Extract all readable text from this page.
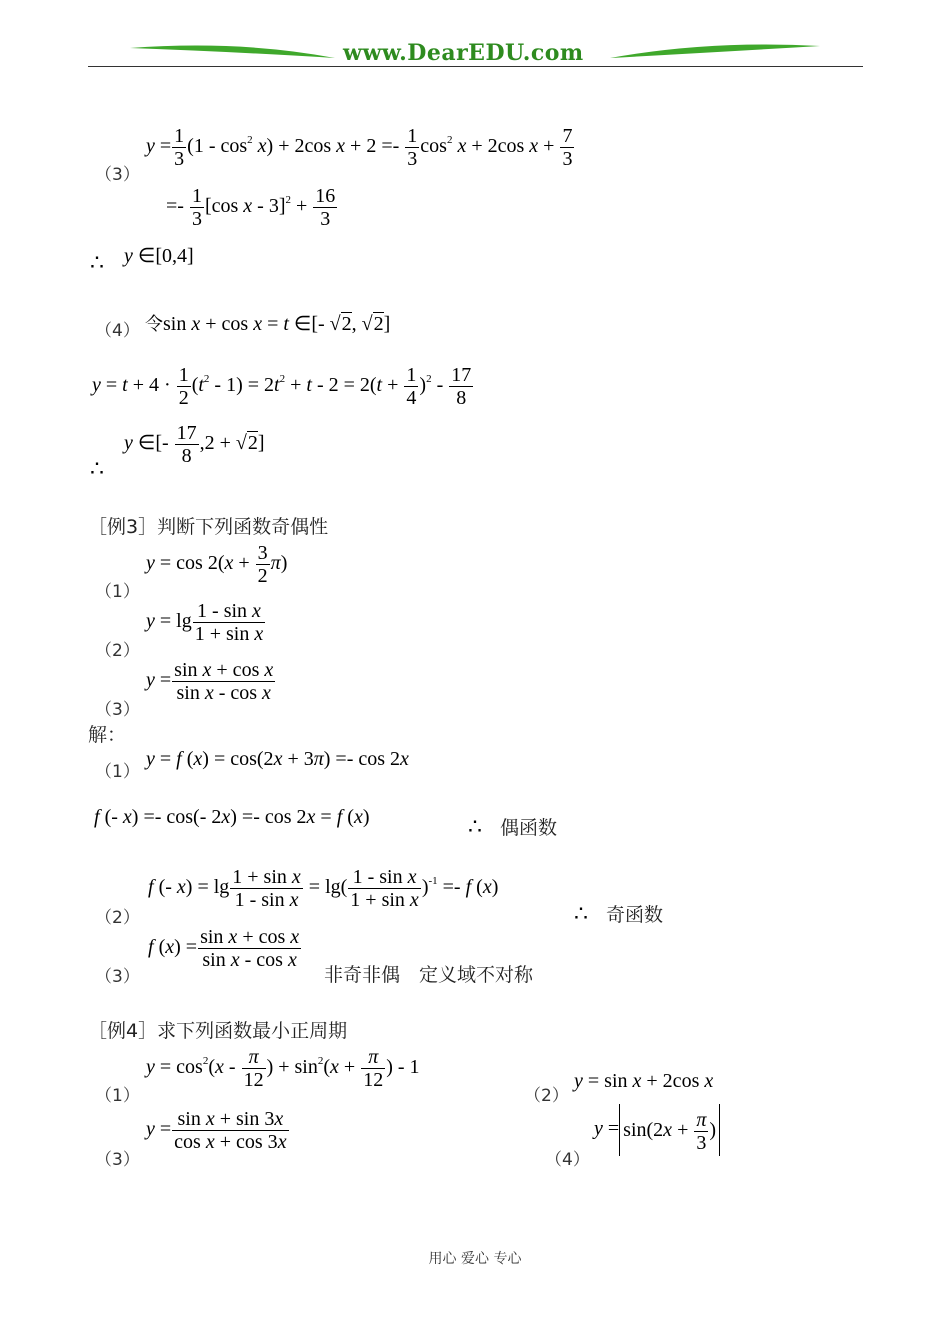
www.DearEDU.com
（3）
$y = \frac{1}{3} (1 - \cos^2 x) + 2\cos$ $x + 2 =- \frac{1}{3} \cos^2 x + 2\cos$ $x + \frac{7}{3}$
=- $\frac{1}{3} [\cos$ $x - 3]^2 + \frac{16}{3}$
∴ y ∈[0,4]
（4） 令sin x + cos x = t ∈[- √2, √2]
$y = t + 4 \cdot \frac{1}{2} (t^2 - 1) = 2t^2 + t - 2 = 2(t + \frac{1}{4} )^2 - \frac{17}{8}$
∴
y ∈[- $\frac{17}{8} ,2 + √2$]
［例3］判断下列函数奇偶性
（1）
$y = \cos 2(x + \frac{3}{2} \pi)$
（2）
$y = \lg \frac{\text{1 - sin x}}{\text{1 + sin x}}$
（3）
$y = \frac{\text{sin x + cos x}}{\text{sin x - cos x}}$
解：
（1）
y = f (x) = cos(2x + 3π) =- cos 2x
f (- x) =- cos(- 2x) =- cos 2x = f (x)	∴ 偶函数
（2）
f (- $x) = \lg \frac{\text{1 + sin x}}{\text{1 - sin x}} = \lg( \frac{\text{1 - sin x}}{\text{1 + sin x}} )^{-1} =- f$ (x)
∴ 奇函数
（3）
f $(x) = \frac{\text{sin x + cos x}}{\text{sin x - cos x}}$
非奇非偶　定义域不对称
［例4］求下列函数最小正周期
（1）
$y = \cos^2(x - \frac{\pi}{12}$ ) + $\sin^2(x + \frac{\pi}{12}$ ) - 1
（2）
y = sin x + 2cos x
（3）
$y = \frac{\text{sin x + sin 3x}}{\text{cos x + cos 3x}}$
（4）
$y = \sin(2x + \frac{\pi}{3}$ )
用心 爱心 专心
